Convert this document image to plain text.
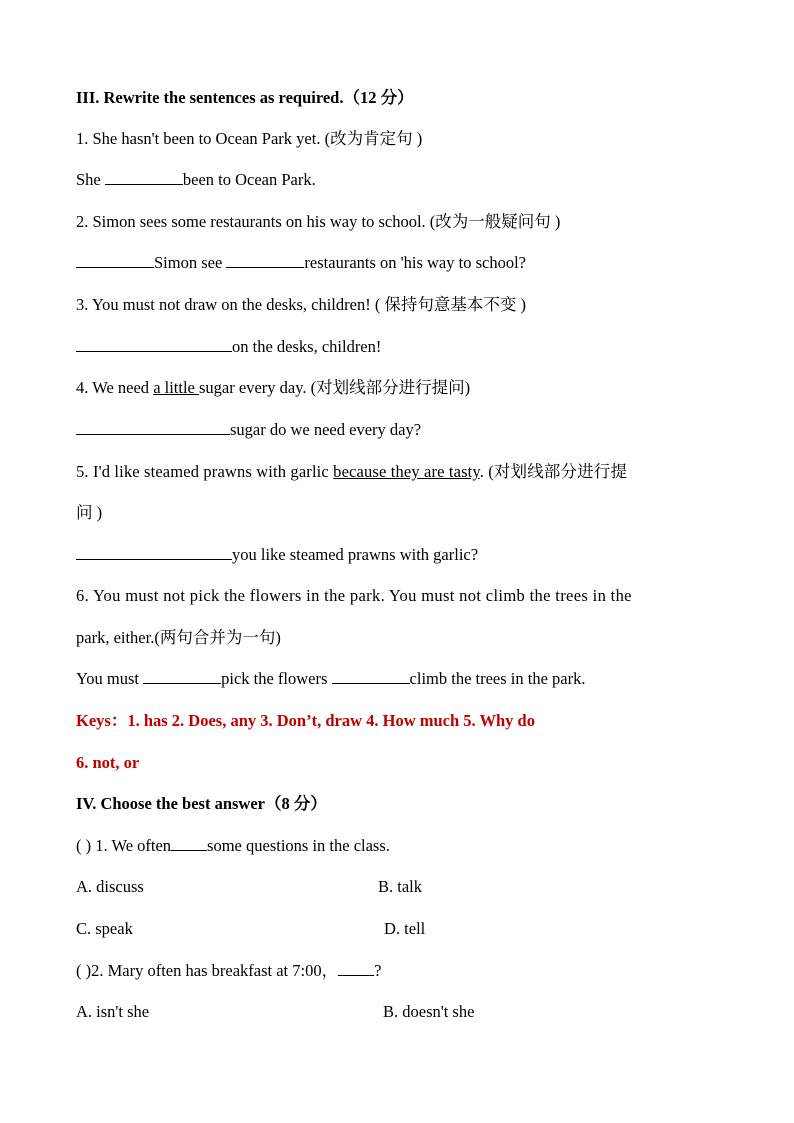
III. Rewrite the sentences as required.（12 分）
1. She hasn't been to Ocean Park yet. (改为肯定句 )
She	been to Ocean Park.
2. Simon sees some restaurants on his way to school. (改为一般疑问句 )
Simon see	restaurants on 'his way to school?
3. You must not draw on the desks, children! ( 保持句意基本不变 )
on the desks, children!
4. We need a little sugar every day. (对划线部分进行提问)
sugar do we need every day?
5. I'd like steamed prawns with garlic because they are tasty. (对划线部分进行提
问 )
you like steamed prawns with garlic?
6. You must not pick the flowers in the park. You must not climb the trees in the
park, either.(两句合并为一句)
You must	pick the flowers	climb the trees in the park.
Keys：1. has 2. Does, any 3. Don’t, draw 4. How much 5. Why do
6. not, or
IV. Choose the best answer（8 分）
( ) 1. We often some questions in the class.
A. discuss	B. talk
C. speak	D. tell
( )2. Mary often has breakfast at 7:00， ?
A. isn't she	B. doesn't she
